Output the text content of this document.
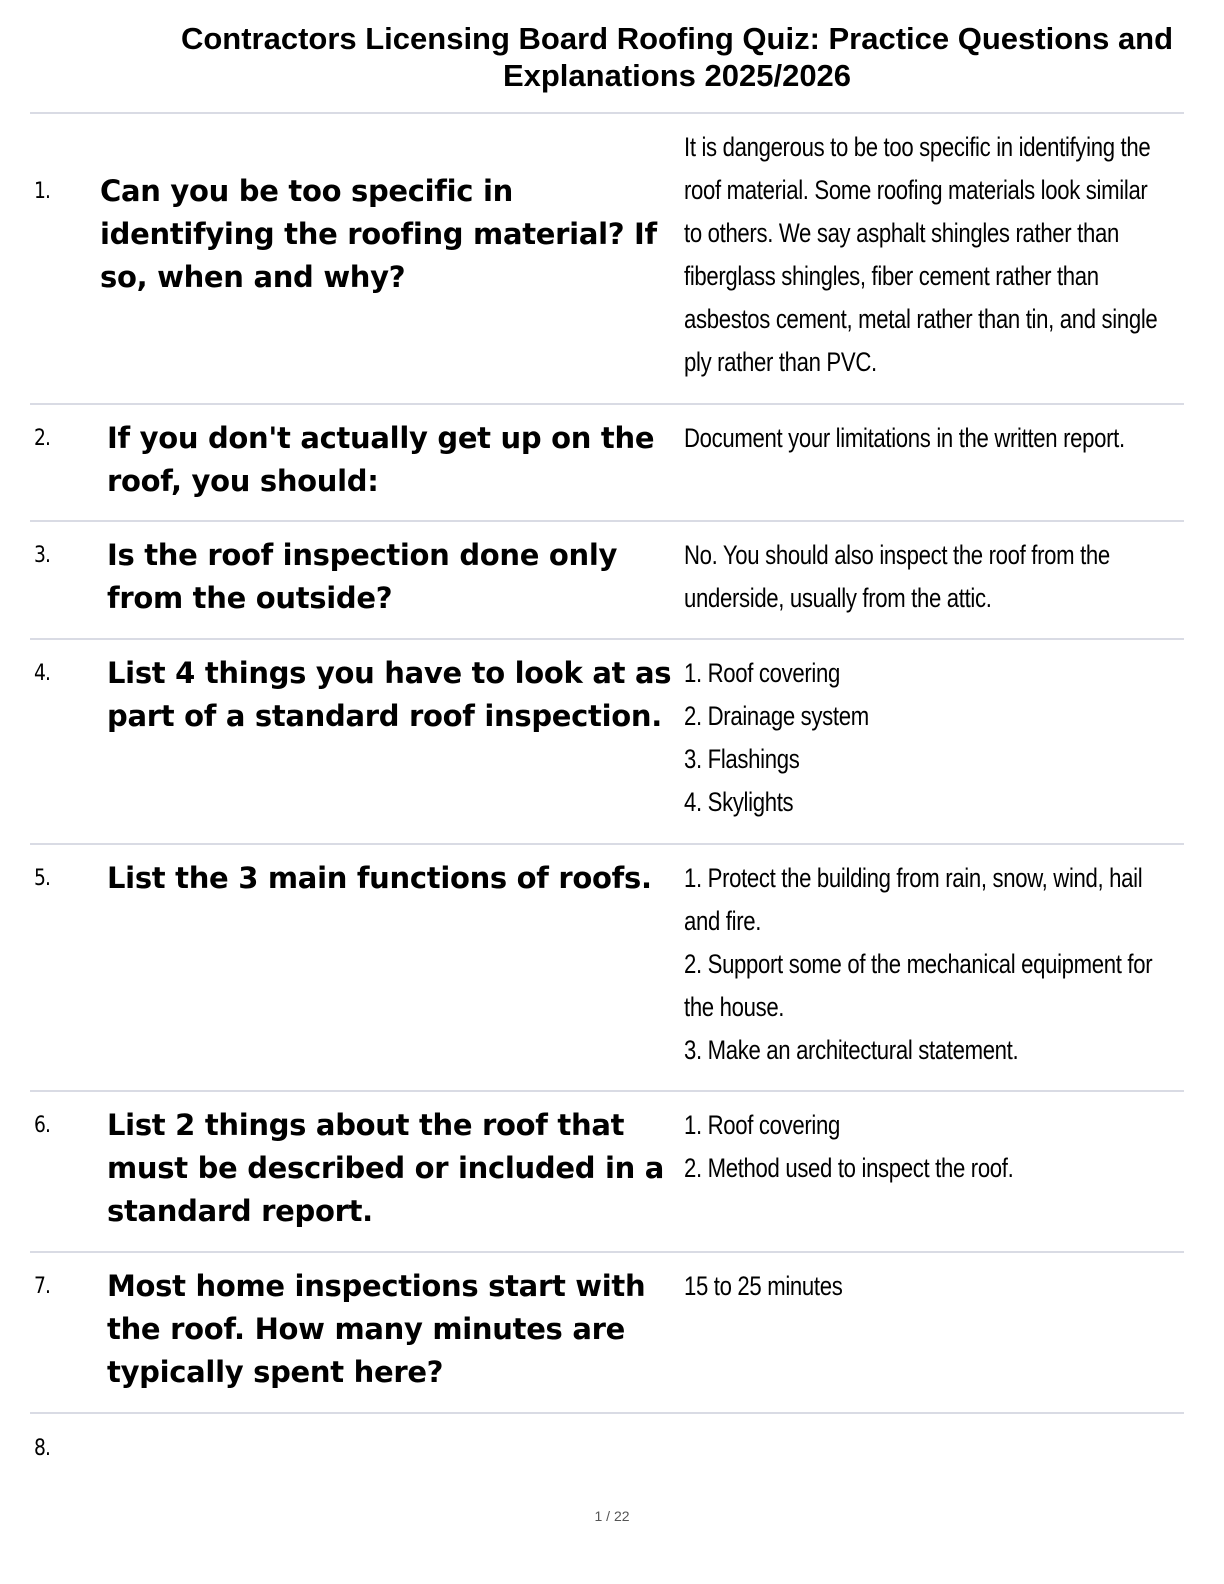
Contractors Licensing Board Roofing Quiz: Practice Questions and Explanations 2025/2026
1. Can you be too specific in identifying the roofing material? If so, when and why?
It is dangerous to be too specific in identifying the roof material. Some roofing materials look similar to others. We say asphalt shingles rather than fiberglass shingles, fiber cement rather than asbestos cement, metal rather than tin, and single ply rather than PVC.
2. If you don't actually get up on the roof, you should:
Document your limitations in the written report.
3. Is the roof inspection done only from the outside?
No. You should also inspect the roof from the underside, usually from the attic.
4. List 4 things you have to look at as part of a standard roof inspection.
1. Roof covering
2. Drainage system
3. Flashings
4. Skylights
5. List the 3 main functions of roofs.	1. Protect the building from rain, snow, wind, hail and fire.
2. Support some of the mechanical equipment for the house.
3. Make an architectural statement.
6. List 2 things about the roof that must be described or included in a standard report.
1. Roof covering
2. Method used to inspect the roof.
7. Most home inspections start with the roof. How many minutes are typically spent here?
15 to 25 minutes
8.
1 / 22
